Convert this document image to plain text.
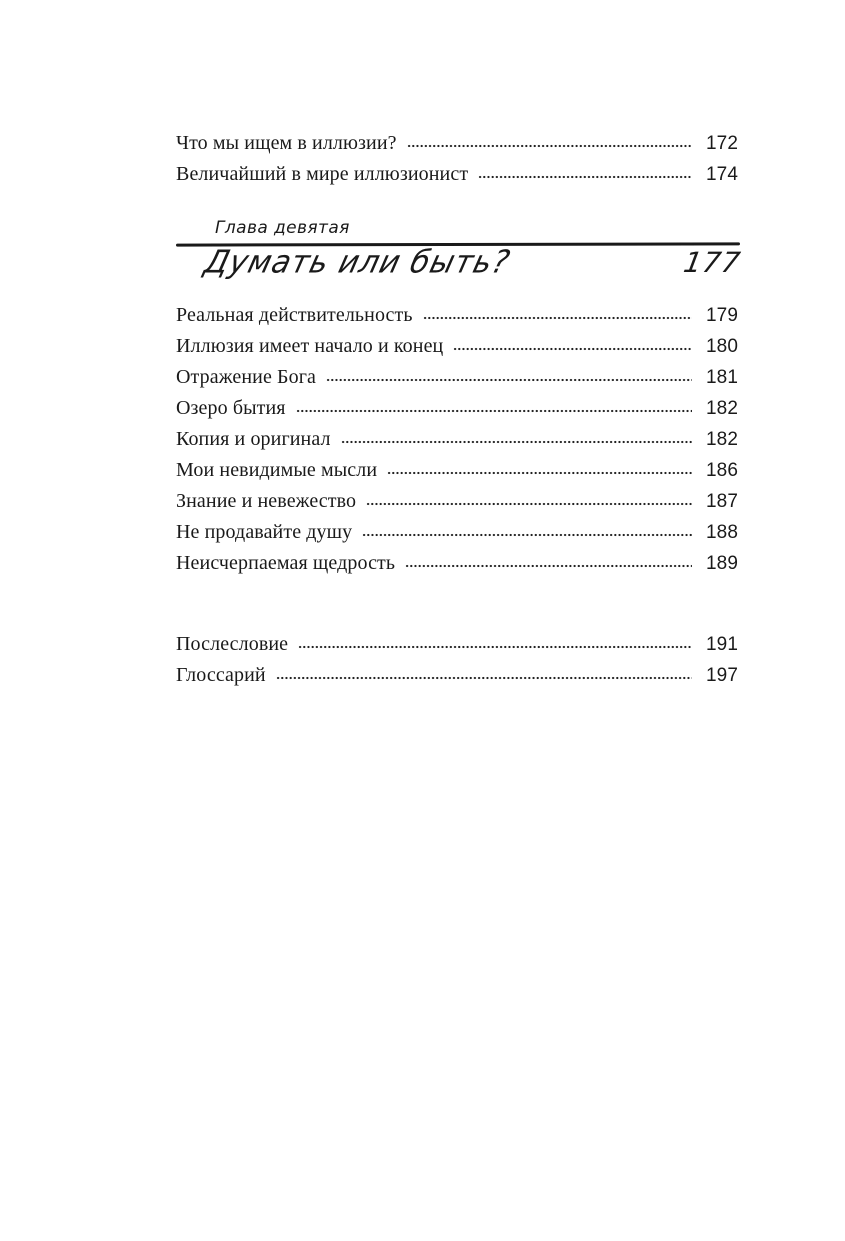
Что мы ищем в иллюзии?	172
Величайший в мире иллюзионист	174
Глава девятая
Думать или быть?	177
Реальная действительность	179
Иллюзия имеет начало и конец	180
Отражение Бога	181
Озеро бытия	182
Копия и оригинал	182
Мои невидимые мысли	186
Знание и невежество	187
Не продавайте душу	188
Неисчерпаемая щедрость	189
Послесловие	191
Глоссарий	197
